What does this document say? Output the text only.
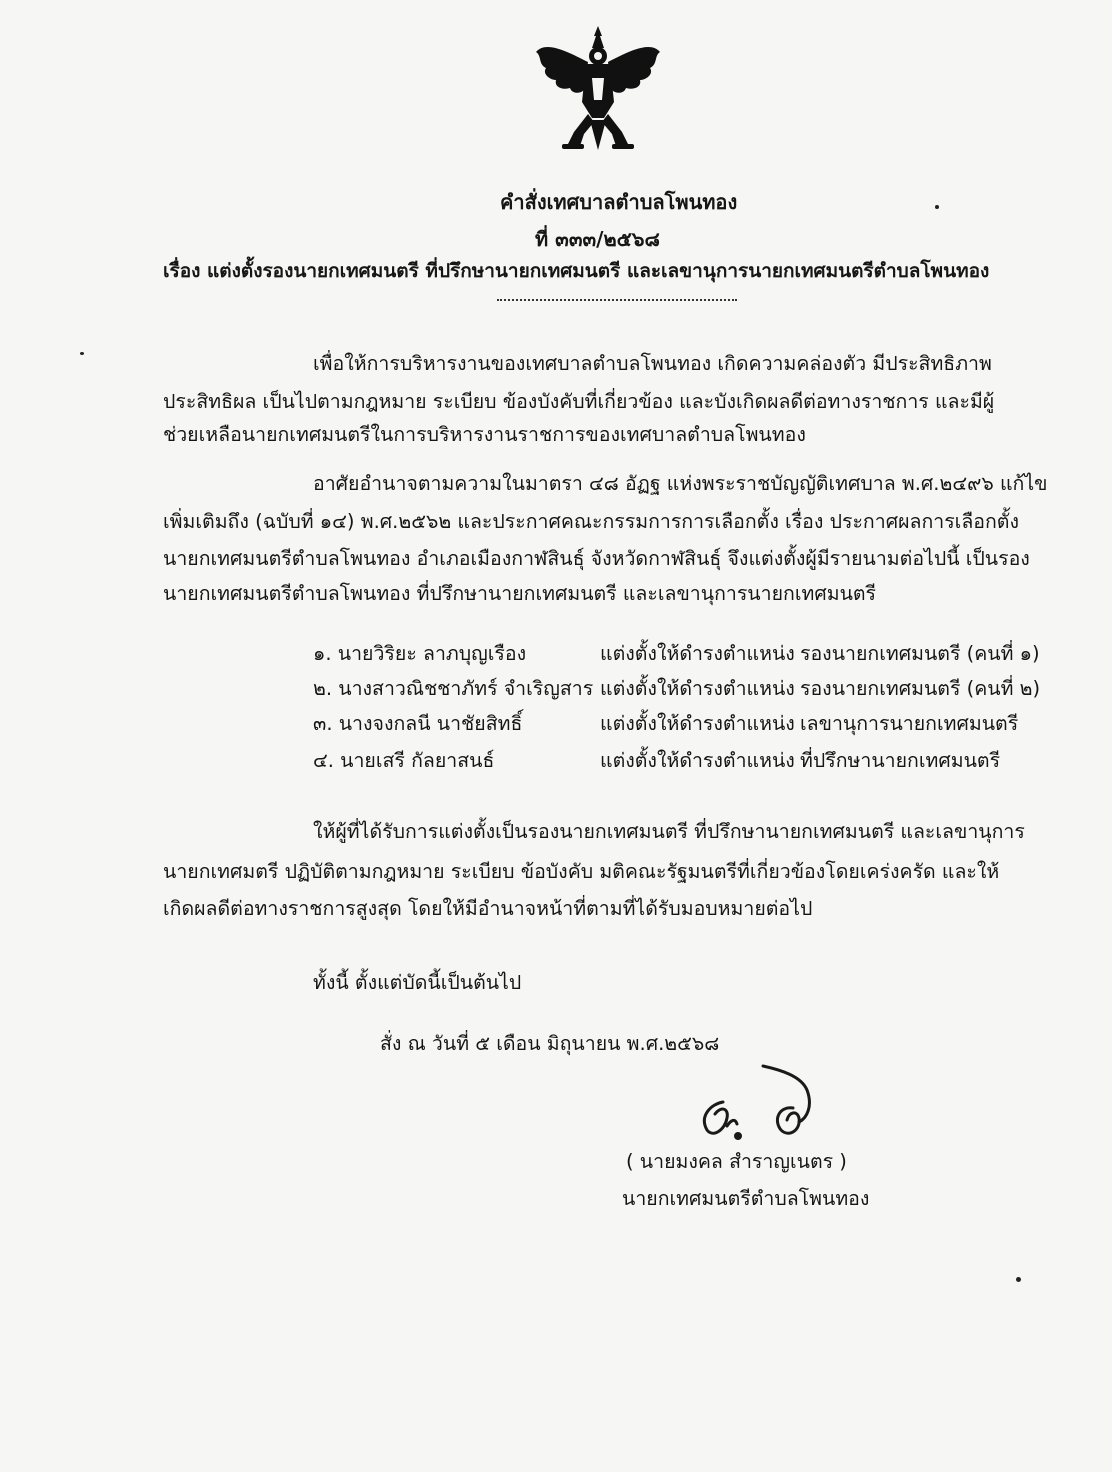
คำสั่งเทศบาลตำบลโพนทอง
ที่ ๓๓๓/๒๕๖๘
เรื่อง แต่งตั้งรองนายกเทศมนตรี ที่ปรึกษานายกเทศมนตรี และเลขานุการนายกเทศมนตรีตำบลโพนทอง
เพื่อให้การบริหารงานของเทศบาลตำบลโพนทอง เกิดความคล่องตัว มีประสิทธิภาพ
ประสิทธิผล เป็นไปตามกฎหมาย ระเบียบ ข้องบังคับที่เกี่ยวข้อง และบังเกิดผลดีต่อทางราชการ และมีผู้
ช่วยเหลือนายกเทศมนตรีในการบริหารงานราชการของเทศบาลตำบลโพนทอง
อาศัยอำนาจตามความในมาตรา ๔๘ อัฏฐ แห่งพระราชบัญญัติเทศบาล พ.ศ.๒๔๙๖ แก้ไข
เพิ่มเติมถึง (ฉบับที่ ๑๔) พ.ศ.๒๕๖๒ และประกาศคณะกรรมการการเลือกตั้ง เรื่อง ประกาศผลการเลือกตั้ง
นายกเทศมนตรีตำบลโพนทอง อำเภอเมืองกาฬสินธุ์ จังหวัดกาฬสินธุ์ จึงแต่งตั้งผู้มีรายนามต่อไปนี้ เป็นรอง
นายกเทศมนตรีตำบลโพนทอง ที่ปรึกษานายกเทศมนตรี และเลขานุการนายกเทศมนตรี
๑. นายวิริยะ ลาภบุญเรือง	แต่งตั้งให้ดำรงตำแหน่ง รองนายกเทศมนตรี (คนที่ ๑)
๒. นางสาวณิชชาภัทร์ จำเริญสาร แต่งตั้งให้ดำรงตำแหน่ง รองนายกเทศมนตรี (คนที่ ๒)
๓. นางจงกลนี นาชัยสิทธิ์	แต่งตั้งให้ดำรงตำแหน่ง เลขานุการนายกเทศมนตรี
๔. นายเสรี กัลยาสนธ์	แต่งตั้งให้ดำรงตำแหน่ง ที่ปรึกษานายกเทศมนตรี
ให้ผู้ที่ได้รับการแต่งตั้งเป็นรองนายกเทศมนตรี ที่ปรึกษานายกเทศมนตรี และเลขานุการ
นายกเทศมตรี ปฏิบัติตามกฎหมาย ระเบียบ ข้อบังคับ มติคณะรัฐมนตรีที่เกี่ยวข้องโดยเคร่งครัด และให้
เกิดผลดีต่อทางราชการสูงสุด โดยให้มีอำนาจหน้าที่ตามที่ได้รับมอบหมายต่อไป
ทั้งนี้ ตั้งแต่บัดนี้เป็นต้นไป
สั่ง ณ วันที่ ๕ เดือน มิถุนายน พ.ศ.๒๕๖๘
( นายมงคล สำราญเนตร )
นายกเทศมนตรีตำบลโพนทอง
